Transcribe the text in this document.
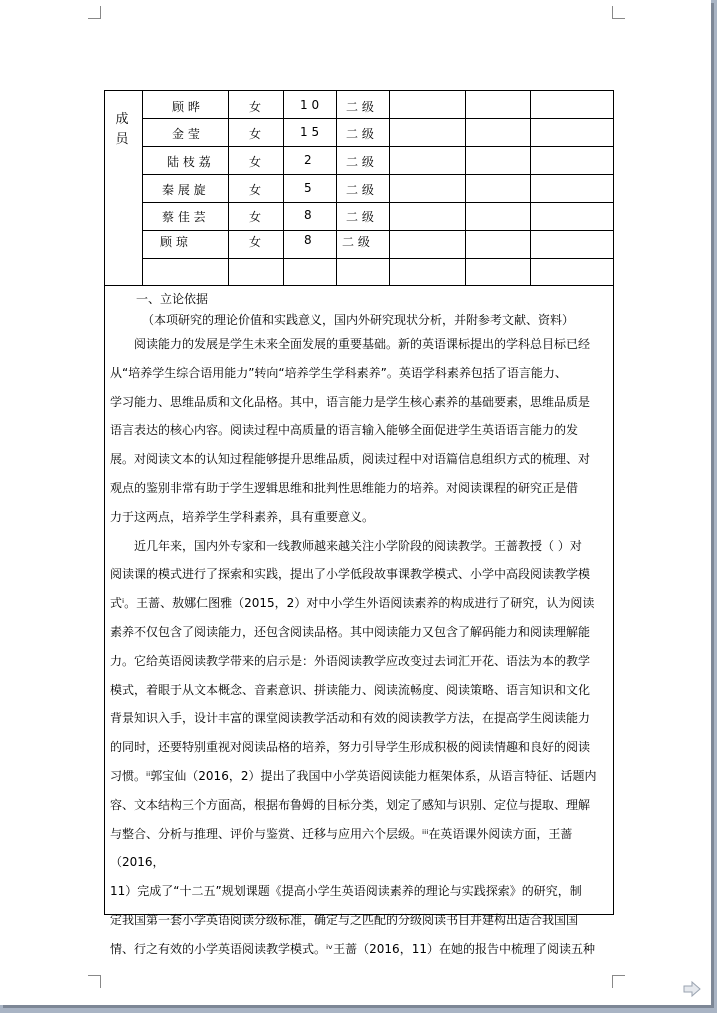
成员
顾 晔	女	1 0 二 级
金 莹	女	1 5 二 级
陆 枝 荔	女	2	二 级
秦 展 旋	女	5	二 级
蔡 佳 芸	女	8	二 级
顾 琼	女	8	二 级
一、立论依据
（本项研究的理论价值和实践意义，国内外研究现状分析，并附参考文献、资料）

　　阅读能力的发展是学生未来全面发展的重要基础。新的英语课标提出的学科总目标已经

从“培养学生综合语用能力”转向“培养学生学科素养”。英语学科素养包括了语言能力、

学习能力、思维品质和文化品格。其中，语言能力是学生核心素养的基础要素，思维品质是

语言表达的核心内容。阅读过程中高质量的语言输入能够全面促进学生英语语言能力的发

展。对阅读文本的认知过程能够提升思维品质，阅读过程中对语篇信息组织方式的梳理、对

观点的鉴别非常有助于学生逻辑思维和批判性思维能力的培养。对阅读课程的研究正是借

力于这两点，培养学生学科素养，具有重要意义。

　　近几年来，国内外专家和一线教师越来越关注小学阶段的阅读教学。王蔷教授（ ）对

阅读课的模式进行了探索和实践，提出了小学低段故事课教学模式、小学中高段阅读教学模

式ⁱ。王蔷、敖娜仁图雅（2015，2）对中小学生外语阅读素养的构成进行了研究，认为阅读

素养不仅包含了阅读能力，还包含阅读品格。其中阅读能力又包含了解码能力和阅读理解能

力。它给英语阅读教学带来的启示是：外语阅读教学应改变过去词汇开花、语法为本的教学

模式，着眼于从文本概念、音素意识、拼读能力、阅读流畅度、阅读策略、语言知识和文化

背景知识入手，设计丰富的课堂阅读教学活动和有效的阅读教学方法，在提高学生阅读能力

的同时，还要特别重视对阅读品格的培养，努力引导学生形成积极的阅读情趣和良好的阅读

习惯。ⁱⁱ郭宝仙（2016，2）提出了我国中小学英语阅读能力框架体系，从语言特征、话题内

容、文本结构三个方面高，根据布鲁姆的目标分类，划定了感知与识别、定位与提取、理解

与整合、分析与推理、评价与鉴赏、迁移与应用六个层级。ⁱⁱⁱ在英语课外阅读方面，王蔷（2016，

11）完成了“十二五”规划课题《提高小学生英语阅读素养的理论与实践探索》的研究，制

定我国第一套小学英语阅读分级标准，确定与之匹配的分级阅读书目并建构出适合我国国

情、行之有效的小学英语阅读教学模式。ⁱᵛ王蔷（2016，11）在她的报告中梳理了阅读五种
